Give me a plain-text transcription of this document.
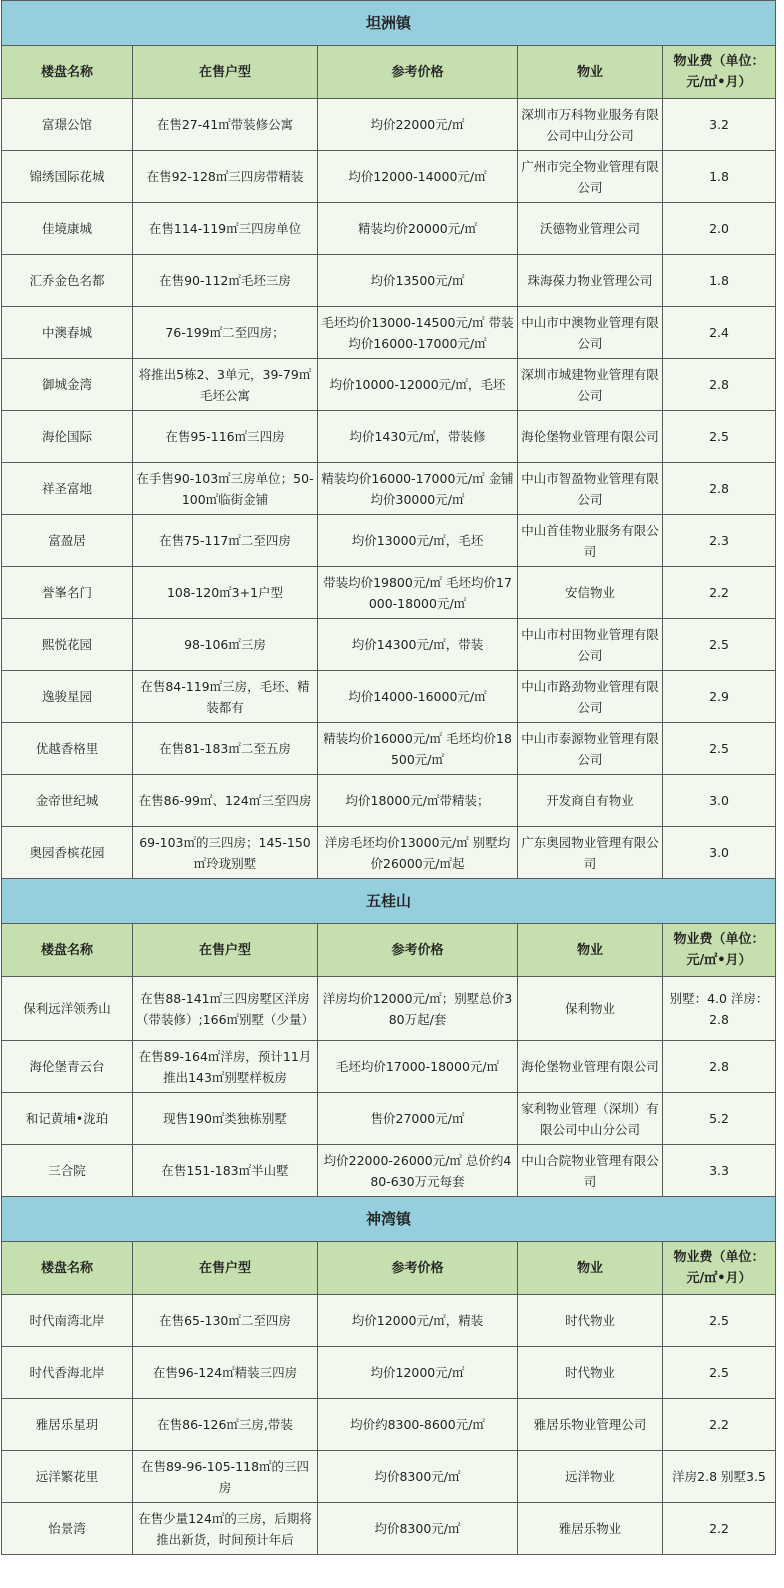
坦洲镇				
楼盘名称	在售户型	参考价格	物业	物业费（单位：元/㎡•月）
富璟公馆	在售27-41㎡带装修公寓	均价22000元/㎡	深圳市万科物业服务有限公司中山分公司	3.2
锦绣国际花城	在售92-128㎡三四房带精装	均价12000-14000元/㎡	广州市完全物业管理有限公司	1.8
佳境康城	在售114-119㎡三四房单位	精装均价20000元/㎡	沃德物业管理公司	2.0
汇乔金色名都	在售90-112㎡毛坯三房	均价13500元/㎡	珠海葆力物业管理公司	1.8
中澳春城	76-199㎡二至四房；	毛坯均价13000-14500元/㎡ 带装均价16000-17000元/㎡	中山市中澳物业管理有限公司	2.4
御城金湾	将推出5栋2、3单元，39-79㎡毛坯公寓	均价10000-12000元/㎡，毛坯	深圳市城建物业管理有限公司	2.8
海伦国际	在售95-116㎡三四房	均价1430元/㎡，带装修	海伦堡物业管理有限公司	2.5
祥圣富地	在手售90-103㎡三房单位；50-100㎡临街金铺	精装均价16000-17000元/㎡ 金铺均价30000元/㎡	中山市智盈物业管理有限公司	2.8
富盈居	在售75-117㎡二至四房	均价13000元/㎡，毛坯	中山首佳物业服务有限公司	2.3
誉峯名门	108-120㎡3+1户型	带装均价19800元/㎡ 毛坯均价17000-18000元/㎡	安信物业	2.2
熙悦花园	98-106㎡三房	均价14300元/㎡，带装	中山市村田物业管理有限公司	2.5
逸骏星园	在售84-119㎡三房，毛坯、精装都有	均价14000-16000元/㎡	中山市路劲物业管理有限公司	2.9
优越香格里	在售81-183㎡二至五房	精装均价16000元/㎡ 毛坯均价18500元/㎡	中山市泰源物业管理有限公司	2.5
金帝世纪城	在售86-99㎡、124㎡三至四房	均价18000元/㎡带精装；	开发商自有物业	3.0
奥园香槟花园	69-103㎡的三四房；145-150㎡玲珑别墅	洋房毛坯均价13000元/㎡ 别墅均价26000元/㎡起	广东奥园物业管理有限公司	3.0
五桂山				
楼盘名称	在售户型	参考价格	物业	物业费（单位：元/㎡•月）
保利远洋领秀山	在售88-141㎡三四房墅区洋房（带装修）;166㎡别墅（少量）	洋房均价12000元/㎡；别墅总价380万起/套	保利物业	别墅：4.0 洋房：2.8
海伦堡青云台	在售89-164㎡洋房，预计11月推出143㎡别墅样板房	毛坯均价17000-18000元/㎡	海伦堡物业管理有限公司	2.8
和记黄埔•泷珀	现售190㎡类独栋别墅	售价27000元/㎡	家利物业管理（深圳）有限公司中山分公司	5.2
三合院	在售151-183㎡半山墅	均价22000-26000元/㎡ 总价约480-630万元每套	中山合院物业管理有限公司	3.3
神湾镇				
楼盘名称	在售户型	参考价格	物业	物业费（单位：元/㎡•月）
时代南湾北岸	在售65-130㎡二至四房	均价12000元/㎡，精装	时代物业	2.5
时代香海北岸	在售96-124㎡精装三四房	均价12000元/㎡	时代物业	2.5
雅居乐星玥	在售86-126㎡三房,带装	均价约8300-8600元/㎡	雅居乐物业管理公司	2.2
远洋繁花里	在售89-96-105-118㎡的三四房	均价8300元/㎡	远洋物业	洋房2.8 别墅3.5
怡景湾	在售少量124㎡的三房，后期将推出新货，时间预计年后	均价8300元/㎡	雅居乐物业	2.2
